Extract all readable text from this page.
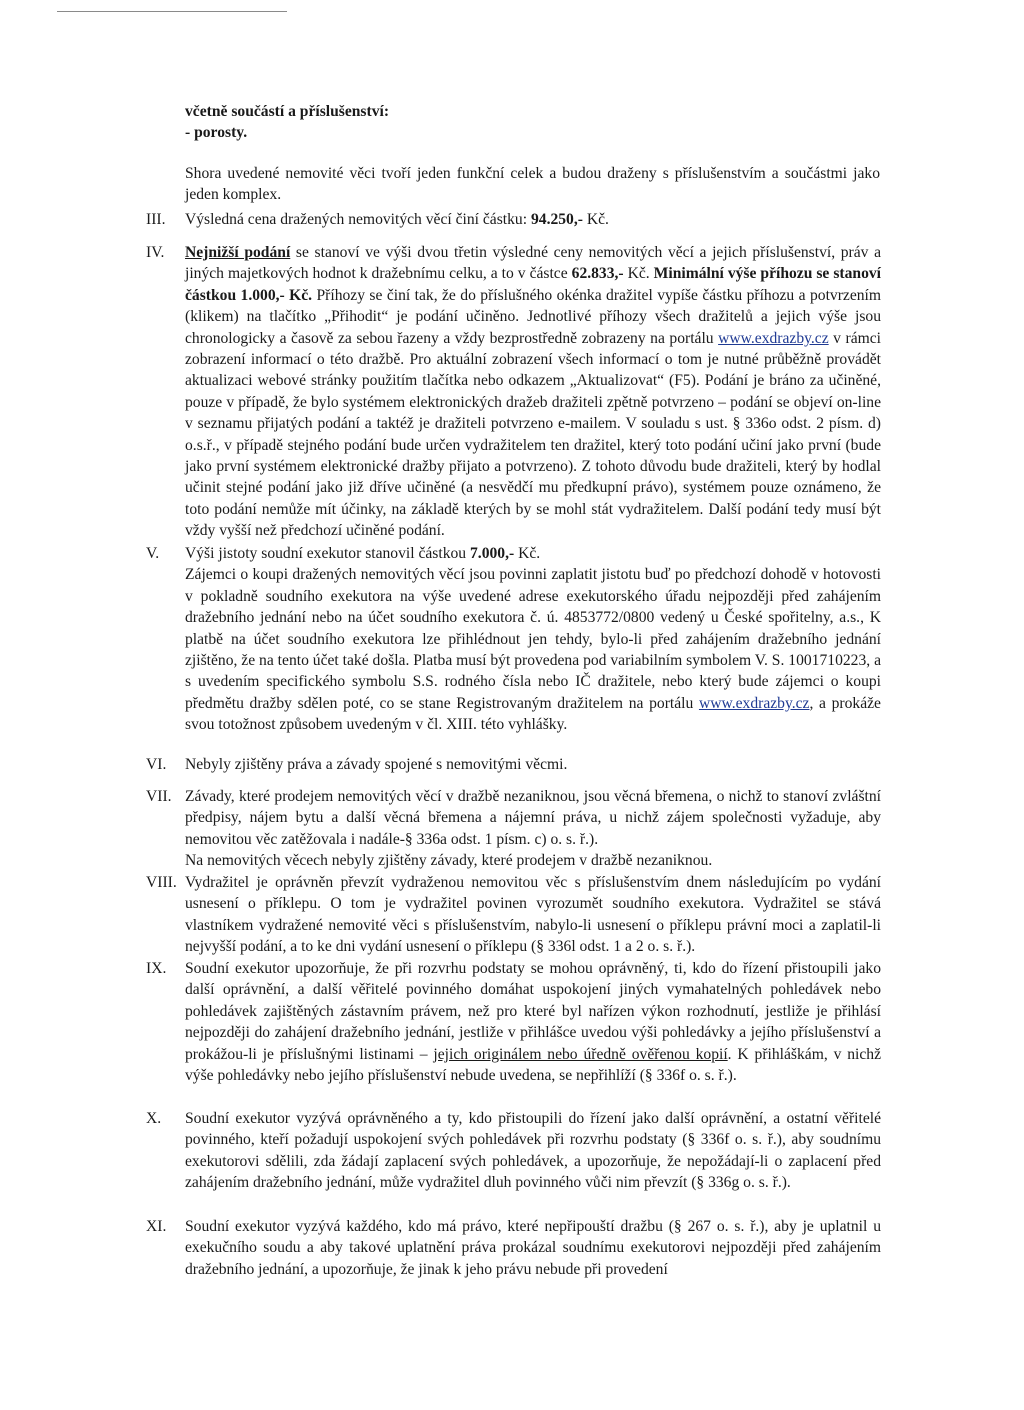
včetně součástí a příslušenství:
- porosty.
Shora uvedené nemovité věci tvoří jeden funkční celek a budou draženy s příslušenstvím a součástmi jako jeden komplex.
III.	Výsledná cena dražených nemovitých věcí činí částku: 94.250,- Kč.

IV.	Nejnižší podání se stanoví ve výši dvou třetin výsledné ceny nemovitých věcí a jejich příslušenství, práv a jiných majetkových hodnot k dražebnímu celku, a to v částce 62.833,- Kč. Minimální výše příhozu se stanoví částkou 1.000,- Kč. Příhozy se činí tak, že do příslušného okénka dražitel vypíše částku příhozu a potvrzením (klikem) na tlačítko „Přihodit“ je podání učiněno. Jednotlivé příhozy všech dražitelů a jejich výše jsou chronologicky a časově za sebou řazeny a vždy bezprostředně zobrazeny na portálu www.exdrazby.cz v rámci zobrazení informací o této dražbě. Pro aktuální zobrazení všech informací o tom je nutné průběžně provádět aktualizaci webové stránky použitím tlačítka nebo odkazem „Aktualizovat“ (F5). Podání je bráno za učiněné, pouze v případě, že bylo systémem elektronických dražeb dražiteli zpětně potvrzeno – podání se objeví on-line v seznamu přijatých podání a taktéž je dražiteli potvrzeno e-mailem. V souladu s ust. § 336o odst. 2 písm. d) o.s.ř., v případě stejného podání bude určen vydražitelem ten dražitel, který toto podání učiní jako první (bude jako první systémem elektronické dražby přijato a potvrzeno). Z tohoto důvodu bude dražiteli, který by hodlal učinit stejné podání jako již dříve učiněné (a nesvědčí mu předkupní právo), systémem pouze oznámeno, že toto podání nemůže mít účinky, na základě kterých by se mohl stát vydražitelem. Další podání tedy musí být vždy vyšší než předchozí učiněné podání.

V.	Výši jistoty soudní exekutor stanovil částkou 7.000,- Kč.

Zájemci o koupi dražených nemovitých věcí jsou povinni zaplatit jistotu buď po předchozí dohodě v hotovosti v pokladně soudního exekutora na výše uvedené adrese exekutorského úřadu nejpozději před zahájením dražebního jednání nebo na účet soudního exekutora č. ú. 4853772/0800 vedený u České spořitelny, a.s., K platbě na účet soudního exekutora lze přihlédnout jen tehdy, bylo-li před zahájením dražebního jednání zjištěno, že na tento účet také došla. Platba musí být provedena pod variabilním symbolem V. S. 1001710223, a s uvedením specifického symbolu S.S. rodného čísla nebo IČ dražitele, nebo který bude zájemci o koupi předmětu dražby sdělen poté, co se stane Registrovaným dražitelem na portálu www.exdrazby.cz, a prokáže svou totožnost způsobem uvedeným v čl. XIII. této vyhlášky.

VI.	Nebyly zjištěny práva a závady spojené s nemovitými věcmi.

VII. Závady, které prodejem nemovitých věcí v dražbě nezaniknou, jsou věcná břemena, o nichž to stanoví zvláštní předpisy, nájem bytu a další věcná břemena a nájemní práva, u nichž zájem společnosti vyžaduje, aby nemovitou věc zatěžovala i nadále-§ 336a odst. 1 písm. c) o. s. ř.).

Na nemovitých věcech nebyly zjištěny závady, které prodejem v dražbě nezaniknou.

VIII. Vydražitel je oprávněn převzít vydraženou nemovitou věc s příslušenstvím dnem následujícím po vydání usnesení o příklepu. O tom je vydražitel povinen vyrozumět soudního exekutora. Vydražitel se stává vlastníkem vydražené nemovité věci s příslušenstvím, nabylo-li usnesení o příklepu právní moci a zaplatil-li nejvyšší podání, a to ke dni vydání usnesení o příklepu (§ 336l odst. 1 a 2 o. s. ř.).

IX.	Soudní exekutor upozorňuje, že při rozvrhu podstaty se mohou oprávněný, ti, kdo do řízení přistoupili jako další oprávnění, a další věřitelé povinného domáhat uspokojení jiných vymahatelných pohledávek nebo pohledávek zajištěných zástavním právem, než pro které byl nařízen výkon rozhodnutí, jestliže je přihlásí nejpozději do zahájení dražebního jednání, jestliže v přihlášce uvedou výši pohledávky a jejího příslušenství a prokážou-li je příslušnými listinami – jejich originálem nebo úředně ověřenou kopií. K přihláškám, v nichž výše pohledávky nebo jejího příslušenství nebude uvedena, se nepřihlíží (§ 336f o. s. ř.).

X.	Soudní exekutor vyzývá oprávněného a ty, kdo přistoupili do řízení jako další oprávnění, a ostatní věřitelé povinného, kteří požadují uspokojení svých pohledávek při rozvrhu podstaty (§ 336f o. s. ř.), aby soudnímu exekutorovi sdělili, zda žádají zaplacení svých pohledávek, a upozorňuje, že nepožádají-li o zaplacení před zahájením dražebního jednání, může vydražitel dluh povinného vůči nim převzít (§ 336g o. s. ř.).

XI.	Soudní exekutor vyzývá každého, kdo má právo, které nepřipouští dražbu (§ 267 o. s. ř.), aby je uplatnil u exekučního soudu a aby takové uplatnění práva prokázal soudnímu exekutorovi nejpozději před zahájením dražebního jednání, a upozorňuje, že jinak k jeho právu nebude při provedení
